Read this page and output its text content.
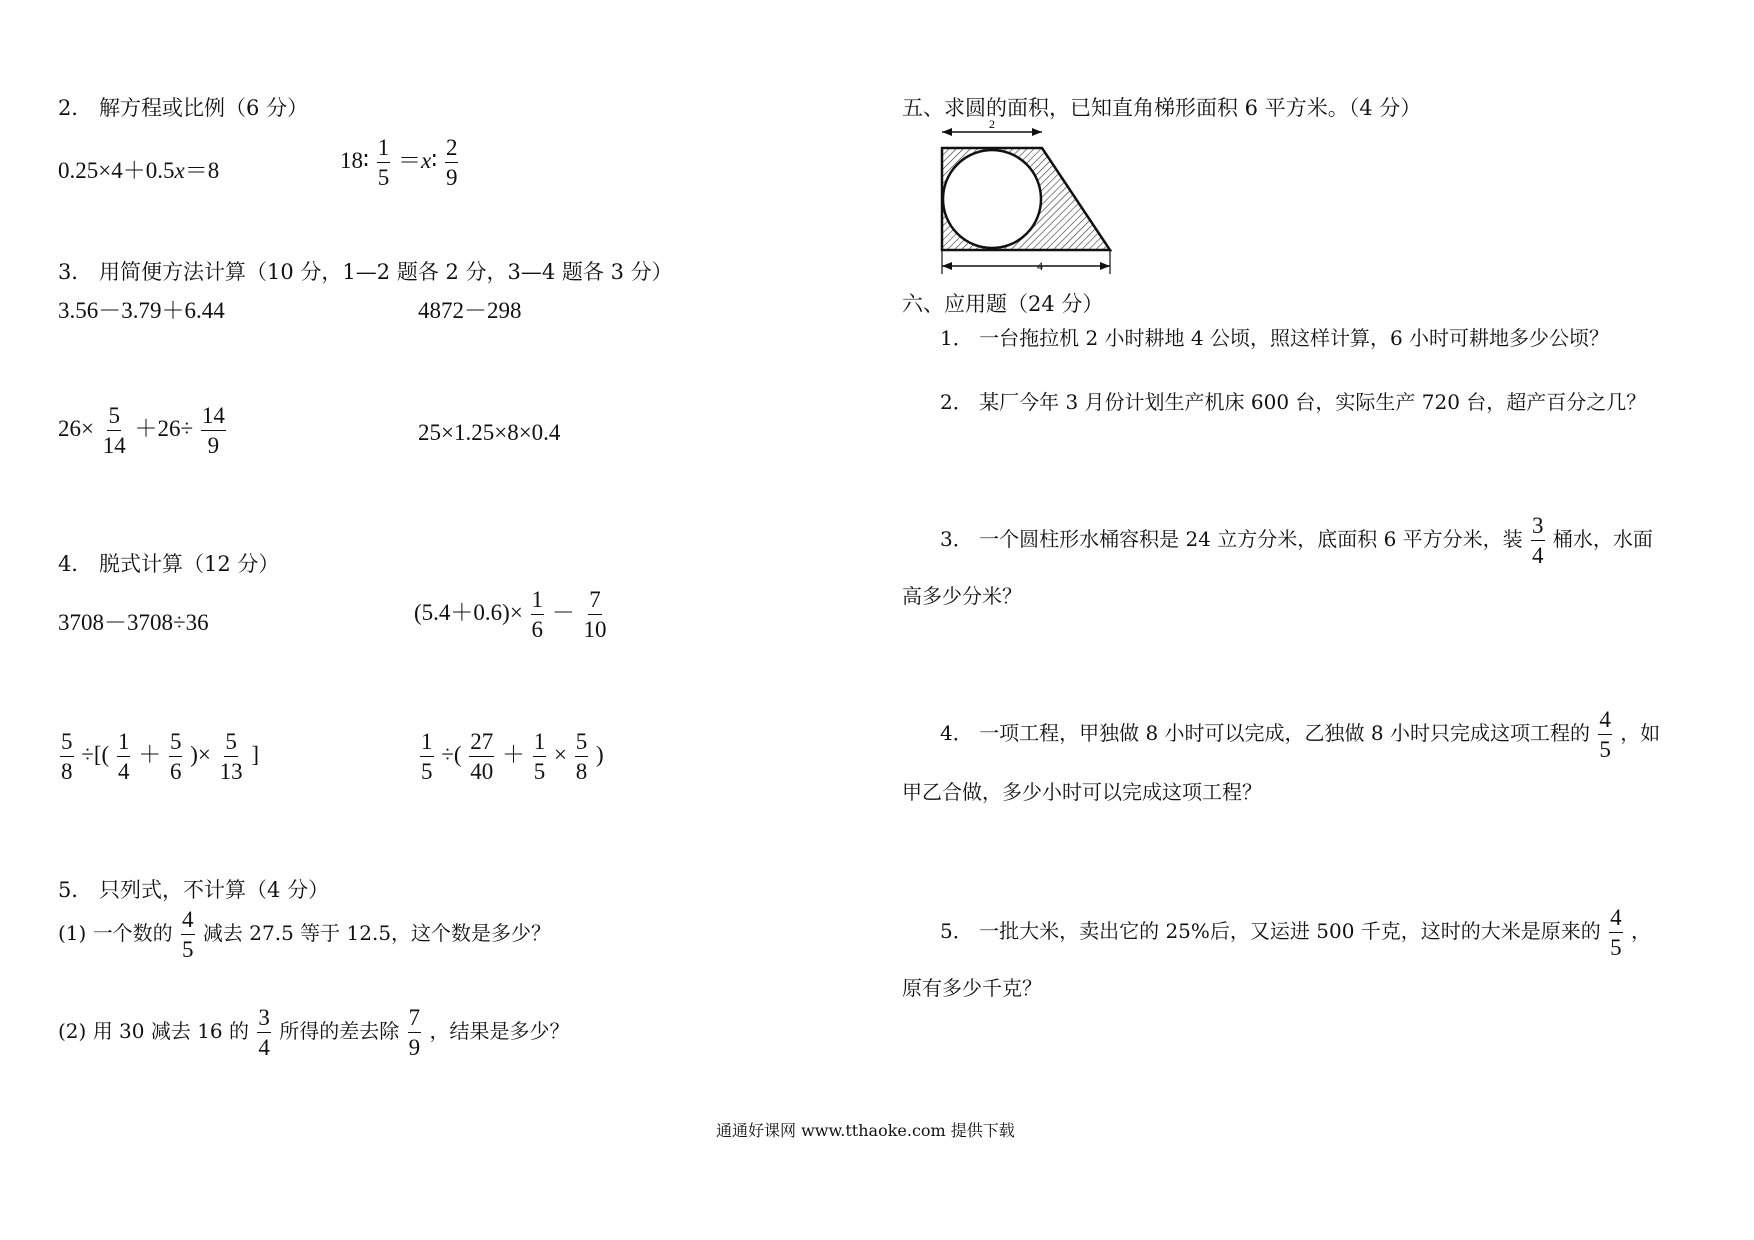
2． 解方程或比例（6 分）
0.25×4＋0.5x＝8	18∶ $\frac{1}{5}$ ＝x∶ $\frac{2}{9}$
3． 用简便方法计算（10 分，1—2 题各 2 分，3—4 题各 3 分）
3.56－3.79＋6.44	4872－298
$26\times \frac{5}{14} +26\div \frac{14}{9}$	25×1.25×8×0.4
4． 脱式计算（12 分）
3708－3708÷36	$(5.4+0.6)\times \frac{1}{6} - \frac{7}{10}$
$\frac{5}{8}$ ÷[( $\frac{1}{4} + \frac{5}{6}$ )× $\frac{5}{13}$ ]	$\frac{1}{5}$ ÷( $\frac{27}{40} + \frac{1}{5} \times \frac{5}{8}$ )
5． 只列式，不计算（4 分）
(1) 一个数的 $\frac{4}{5}$ 减去 27.5 等于 12.5，这个数是多少？
(2) 用 30 减去 16 的 $\frac{3}{4}$ 所得的差去除 $\frac{7}{9}$ ，结果是多少？
五、求圆的面积，已知直角梯形面积 6 平方米。（4 分）
2
4
六、应用题（24 分）
1． 一台拖拉机 2 小时耕地 4 公顷，照这样计算，6 小时可耕地多少公顷？
2． 某厂今年 3 月份计划生产机床 600 台，实际生产 720 台，超产百分之几？
3． 一个圆柱形水桶容积是 24 立方分米，底面积 6 平方分米，装 $\frac{3}{4}$ 桶水，水面
高多少分米？
4． 一项工程，甲独做 8 小时可以完成，乙独做 8 小时只完成这项工程的 $\frac{4}{5}$ ，如
甲乙合做，多少小时可以完成这项工程？
5． 一批大米，卖出它的 25%后，又运进 500 千克，这时的大米是原来的 $\frac{4}{5}$ ，
原有多少千克？
通通好课网 www.tthaoke.com 提供下载
